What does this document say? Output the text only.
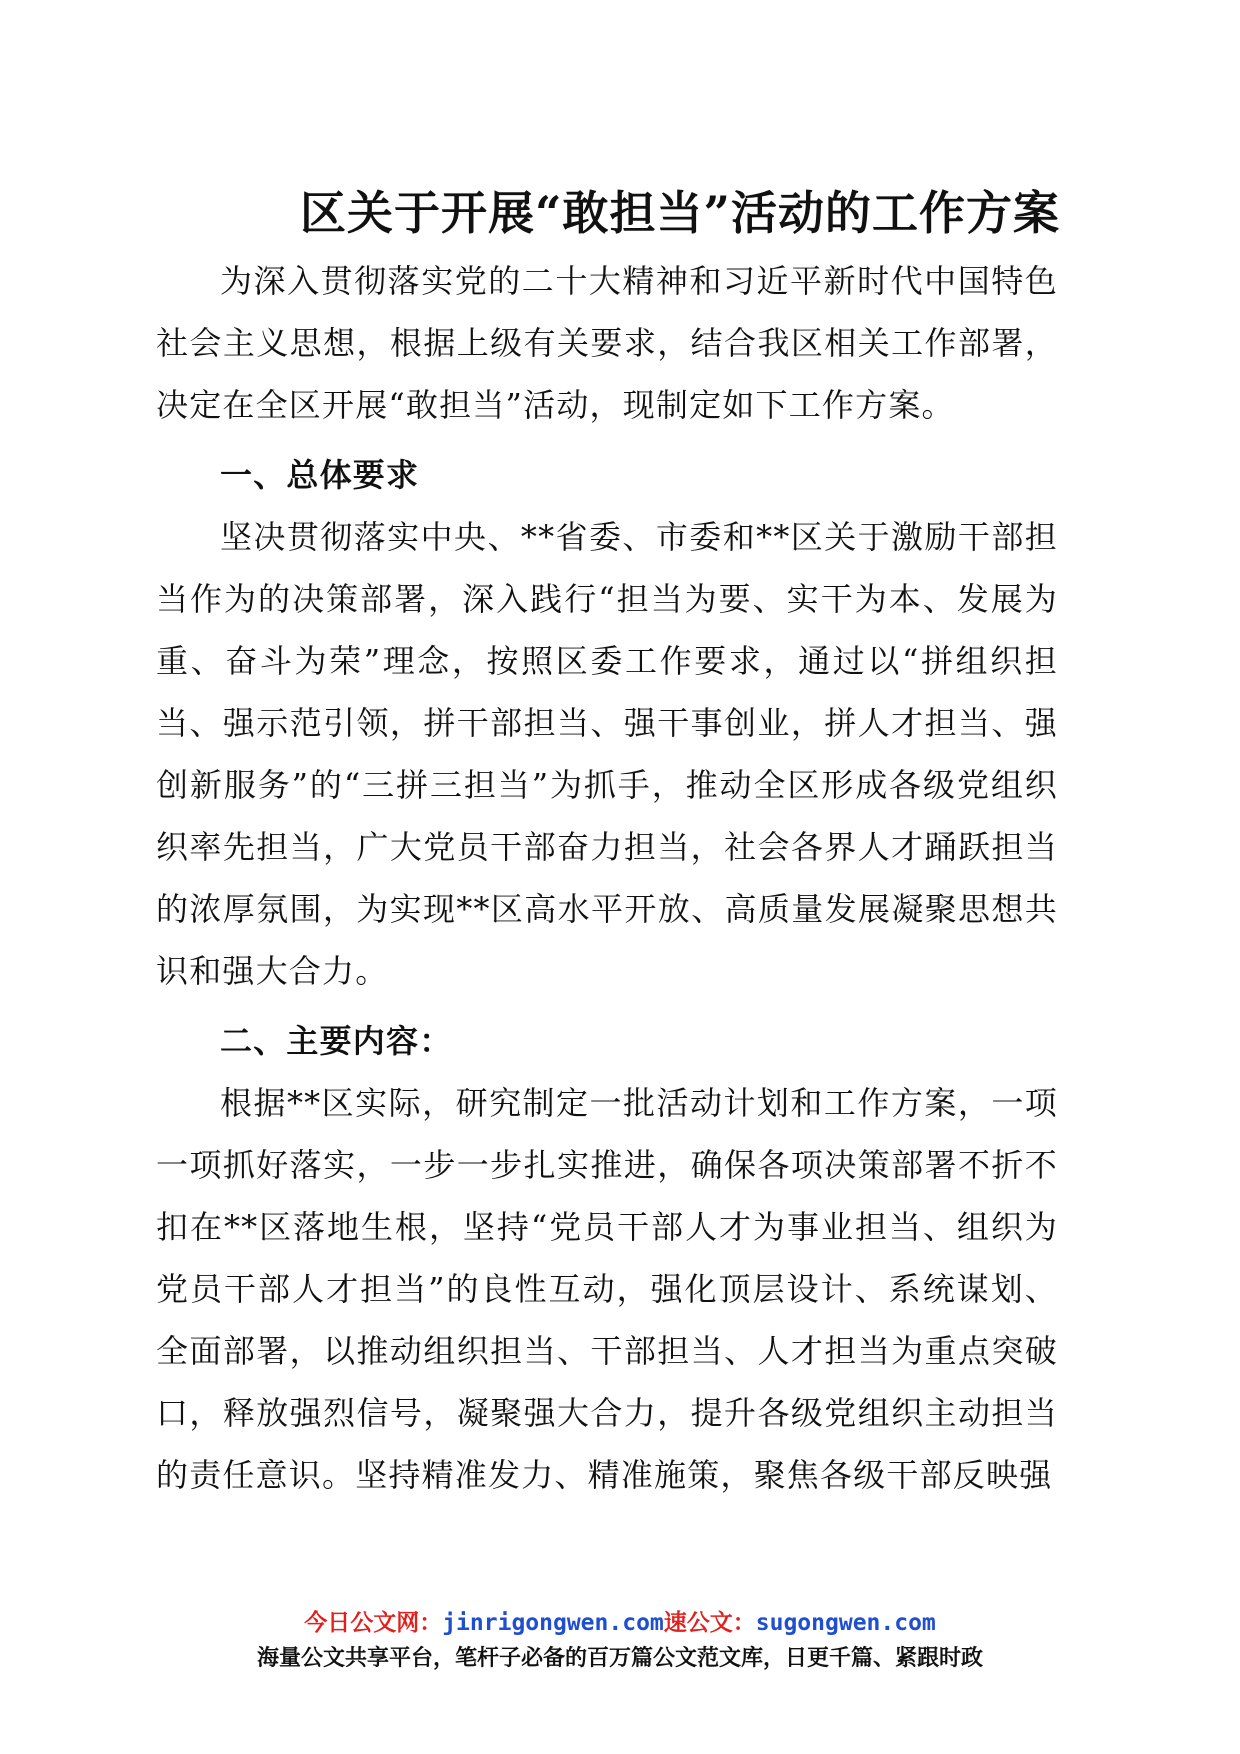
区关于开展“敢担当”活动的工作方案

为深入贯彻落实党的二十大精神和习近平新时代中国特色社会主义思想，根据上级有关要求，结合我区相关工作部署，决定在全区开展“敢担当”活动，现制定如下工作方案。

一、总体要求

坚决贯彻落实中央、**省委、市委和**区关于激励干部担当作为的决策部署，深入践行“担当为要、实干为本、发展为重、奋斗为荣”理念，按照区委工作要求，通过以“拼组织担当、强示范引领，拼干部担当、强干事创业，拼人才担当、强创新服务”的“三拼三担当”为抓手，推动全区形成各级党组织织率先担当，广大党员干部奋力担当，社会各界人才踊跃担当的浓厚氛围，为实现**区高水平开放、高质量发展凝聚思想共识和强大合力。

二、主要内容：

根据**区实际，研究制定一批活动计划和工作方案，一项一项抓好落实，一步一步扎实推进，确保各项决策部署不折不扣在**区落地生根，坚持“党员干部人才为事业担当、组织为党员干部人才担当”的良性互动，强化顶层设计、系统谋划、全面部署，以推动组织担当、干部担当、人才担当为重点突破口，释放强烈信号，凝聚强大合力，提升各级党组织主动担当的责任意识。坚持精准发力、精准施策，聚焦各级干部反映强

今日公文网：jinrigongwen.com速公文：sugongwen.com
海量公文共享平台，笔杆子必备的百万篇公文范文库，日更千篇、紧跟时政
